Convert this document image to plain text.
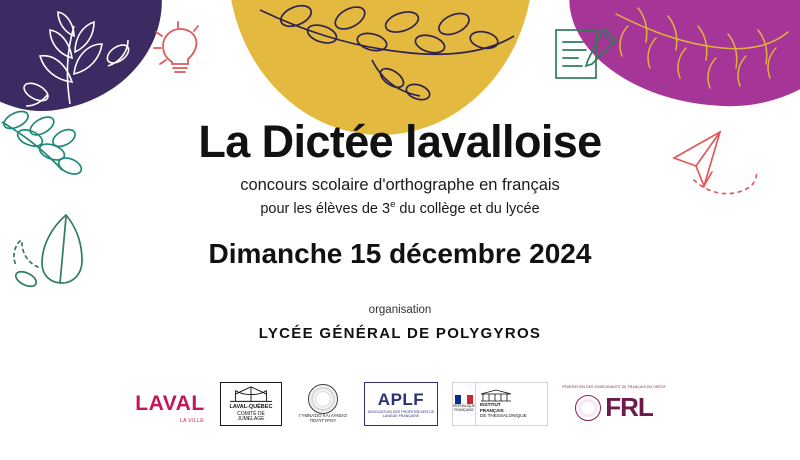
La Dictée lavalloise
concours scolaire d'orthographe en français
pour les élèves de 3e du collège et du lycée
Dimanche 15 décembre 2024
organisation
LYCÉE GÉNÉRAL DE POLYGYROS
LAVAL
LA VILLE
LAVAL-QUÉBEC
COMITÉ DE JUMELAGE
ΓΥΜΝΑΣΙΟ ΚΑΙ ΛΥΚΕΙΟ
ΠΟΛΥΓΥΡΟΥ
APLF
ASSOCIATION DES PROFESSEURS DE LANGUE FRANÇAISE
RÉPUBLIQUE FRANÇAISE
INSTITUT
FRANÇAIS
DE THESSALONIQUE
FÉDÉRATION DES ENSEIGNANTS DE FRANÇAIS EN GRÈCE
FRL
